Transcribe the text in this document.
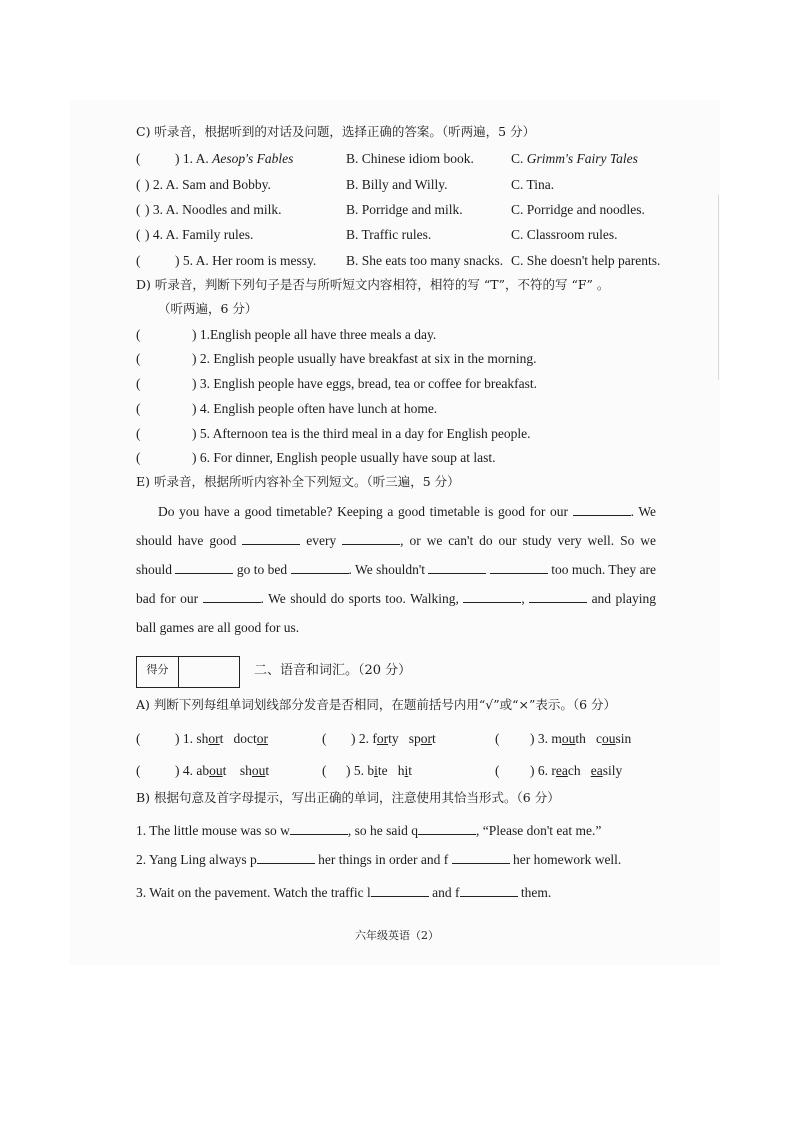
C) 听录音，根据听到的对话及问题，选择正确的答案。（听两遍，5 分）
(	) 1. A. Aesop's Fables	B. Chinese idiom book.	C. Grimm's Fairy Tales
( ) 2. A. Sam and Bobby.	B. Billy and Willy.	C. Tina.
( ) 3. A. Noodles and milk.	B. Porridge and milk.	C. Porridge and noodles.
( ) 4. A. Family rules.	B. Traffic rules.	C. Classroom rules.
(	) 5. A. Her room is messy. B. She eats too many snacks. C. She doesn't help parents.
D) 听录音，判断下列句子是否与所听短文内容相符，相符的写 “T”，不符的写 “F” 。
（听两遍，6 分）
(	) 1.English people all have three meals a day.
(	) 2. English people usually have breakfast at six in the morning.
(	) 3. English people have eggs, bread, tea or coffee for breakfast.
(	) 4. English people often have lunch at home.
(	) 5. Afternoon tea is the third meal in a day for English people.
(	) 6. For dinner, English people usually have soup at last.
E) 听录音，根据所听内容补全下列短文。（听三遍，5 分）
Do you have a good timetable? Keeping a good timetable is good for our	. We should have good	every	, or we can't do our study very well. So we should	go to bed	. We shouldn't	too much. They are bad for our	. We should do sports too. Walking,	,	and playing ball games are all good for us.
得分	二、语音和词汇。（20 分）
A) 判断下列每组单词划线部分发音是否相同，在题前括号内用“√”或“×”表示。（6 分）
(	) 1. short doctor	( ) 2. forty sport	( ) 3. mouth cousin
(	) 4. about shout	( ) 5. bite hit	( ) 6. reach easily
B) 根据句意及首字母提示，写出正确的单词，注意使用其恰当形式。（6 分）
1. The little mouse was so w	, so he said q	, “Please don't eat me.”
2. Yang Ling always p	her things in order and f	her homework well.
3. Wait on the pavement. Watch the traffic l	and f	them.
六年级英语（2）
